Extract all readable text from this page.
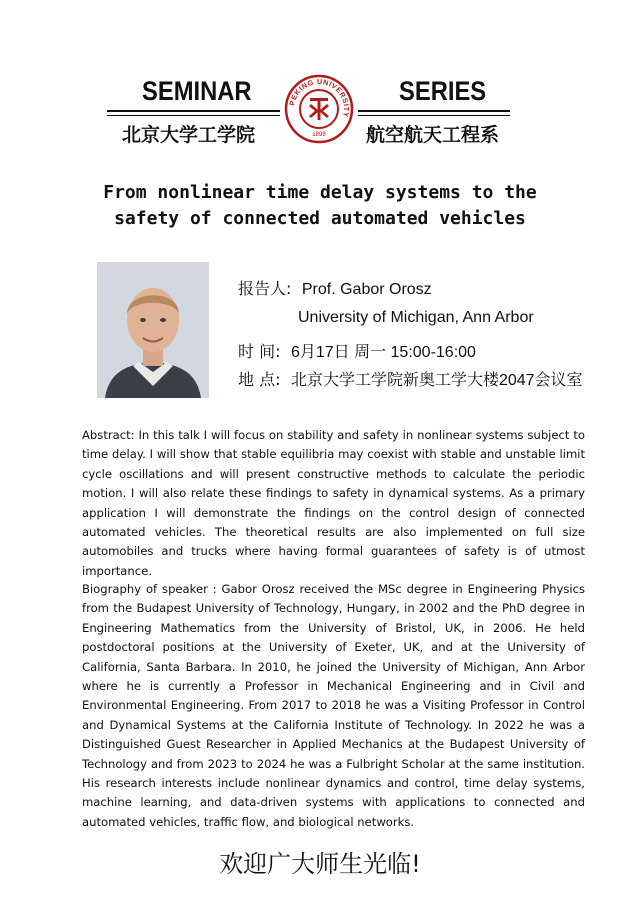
SEMINAR	SERIES
北京大学工学院	航空航天工程系
PEKING UNIVERSITY
1898
From nonlinear time delay systems to the
safety of connected automated vehicles
报告人: Prof. Gabor Orosz
University of Michigan, Ann Arbor
时 间: 6月17日 周一 15:00-16:00
地 点: 北京大学工学院新奥工学大楼2047会议室

Abstract: In this talk I will focus on stability and safety in nonlinear systems subject to time delay. I will show that stable equilibria may coexist with stable and unstable limit cycle oscillations and will present constructive methods to calculate the periodic motion. I will also relate these findings to safety in dynamical systems. As a primary application I will demonstrate the findings on the control design of connected automated vehicles. The theoretical results are also implemented on full size automobiles and trucks where having formal guarantees of safety is of utmost importance.

Biography of speaker : Gabor Orosz received the MSc degree in Engineering Physics from the Budapest University of Technology, Hungary, in 2002 and the PhD degree in Engineering Mathematics from the University of Bristol, UK, in 2006. He held postdoctoral positions at the University of Exeter, UK, and at the University of California, Santa Barbara. In 2010, he joined the University of Michigan, Ann Arbor where he is currently a Professor in Mechanical Engineering and in Civil and Environmental Engineering. From 2017 to 2018 he was a Visiting Professor in Control and Dynamical Systems at the California Institute of Technology. In 2022 he was a Distinguished Guest Researcher in Applied Mechanics at the Budapest University of Technology and from 2023 to 2024 he was a Fulbright Scholar at the same institution. His research interests include nonlinear dynamics and control, time delay systems, machine learning, and data-driven systems with applications to connected and automated vehicles, traffic flow, and biological networks.

欢迎广大师生光临!
